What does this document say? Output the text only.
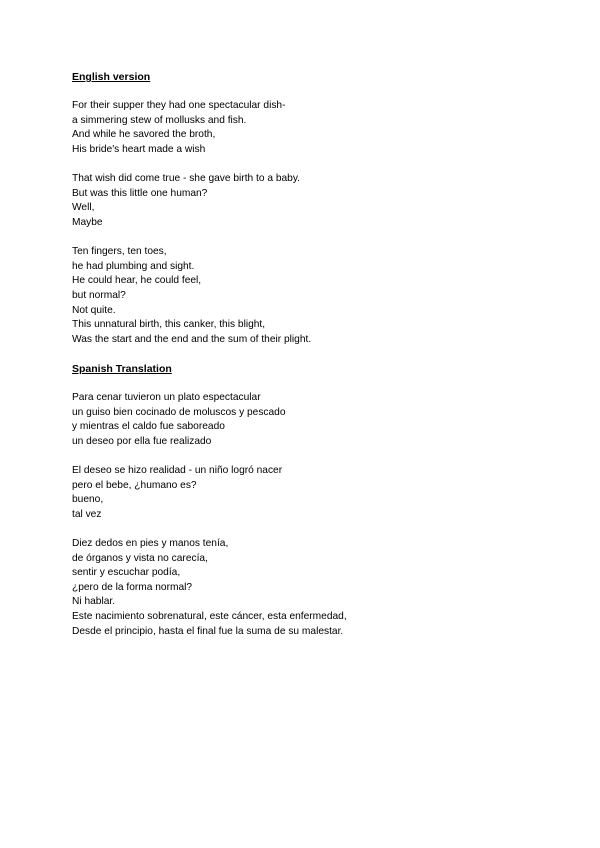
English version

For their supper they had one spectacular dish-
a simmering stew of mollusks and fish.
And while he savored the broth,
His bride's heart made a wish
That wish did come true - she gave birth to a baby.
But was this little one human?
Well,
Maybe
Ten fingers, ten toes,
he had plumbing and sight.
He could hear, he could feel,
but normal?
Not quite.
This unnatural birth, this canker, this blight,
Was the start and the end and the sum of their plight.

Spanish Translation

Para cenar tuvieron un plato espectacular
un guiso bien cocinado de moluscos y pescado
y mientras el caldo fue saboreado
un deseo por ella fue realizado
El deseo se hizo realidad - un niño logró nacer
pero el bebe, ¿humano es?
bueno,
tal vez
Diez dedos en pies y manos tenía,
de órganos y vista no carecía,
sentir y escuchar podía,
¿pero de la forma normal?
Ni hablar.
Este nacimiento sobrenatural, este cáncer, esta enfermedad,
Desde el principio, hasta el final fue la suma de su malestar.
